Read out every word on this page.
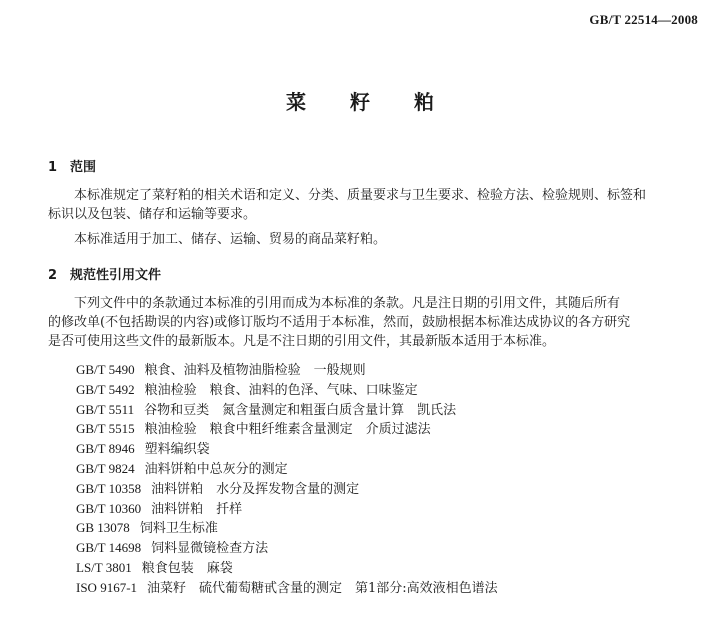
GB/T 22514—2008
菜籽粕
1 范围
本标准规定了菜籽粕的相关术语和定义、分类、质量要求与卫生要求、检验方法、检验规则、标签和
标识以及包装、储存和运输等要求。
本标准适用于加工、储存、运输、贸易的商品菜籽粕。
2 规范性引用文件
下列文件中的条款通过本标准的引用而成为本标准的条款。凡是注日期的引用文件，其随后所有
的修改单(不包括勘误的内容)或修订版均不适用于本标准，然而，鼓励根据本标准达成协议的各方研究
是否可使用这些文件的最新版本。凡是不注日期的引用文件，其最新版本适用于本标准。
GB/T 5490 粮食、油料及植物油脂检验　一般规则
GB/T 5492 粮油检验　粮食、油料的色泽、气味、口味鉴定
GB/T 5511 谷物和豆类　氮含量测定和粗蛋白质含量计算　凯氏法
GB/T 5515 粮油检验　粮食中粗纤维素含量测定　介质过滤法
GB/T 8946 塑料编织袋
GB/T 9824 油料饼粕中总灰分的测定
GB/T 10358 油料饼粕　水分及挥发物含量的测定
GB/T 10360 油料饼粕　扦样
GB 13078 饲料卫生标准
GB/T 14698 饲料显微镜检查方法
LS/T 3801 粮食包装　麻袋
ISO 9167-1 油菜籽　硫代葡萄糖甙含量的测定　第1部分:高效液相色谱法
